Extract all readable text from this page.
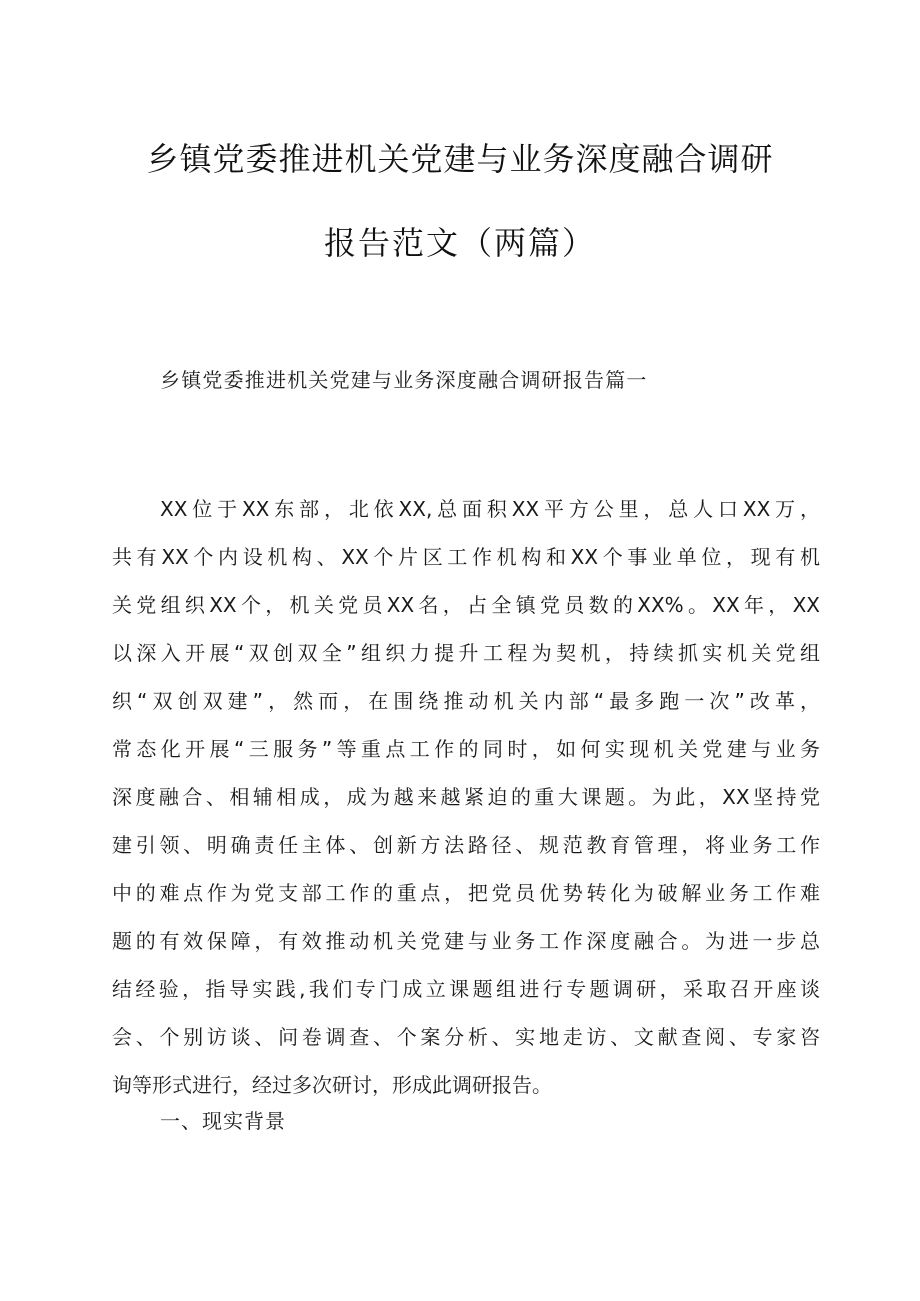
乡镇党委推进机关党建与业务深度融合调研
报告范文（两篇）
乡镇党委推进机关党建与业务深度融合调研报告篇一
XX位于XX东部，北依XX,总面积XX平方公里，总人口XX万，
共有XX个内设机构、XX个片区工作机构和XX个事业单位，现有机
关党组织XX个，机关党员XX名，占全镇党员数的XX%。XX年，XX
以深入开展“双创双全”组织力提升工程为契机，持续抓实机关党组
织“双创双建”，然而，在围绕推动机关内部“最多跑一次”改革，
常态化开展“三服务”等重点工作的同时，如何实现机关党建与业务
深度融合、相辅相成，成为越来越紧迫的重大课题。为此，XX坚持党
建引领、明确责任主体、创新方法路径、规范教育管理，将业务工作
中的难点作为党支部工作的重点，把党员优势转化为破解业务工作难
题的有效保障，有效推动机关党建与业务工作深度融合。为进一步总
结经验，指导实践,我们专门成立课题组进行专题调研，采取召开座谈
会、个别访谈、问卷调查、个案分析、实地走访、文献查阅、专家咨
询等形式进行，经过多次研讨，形成此调研报告。
一、现实背景
